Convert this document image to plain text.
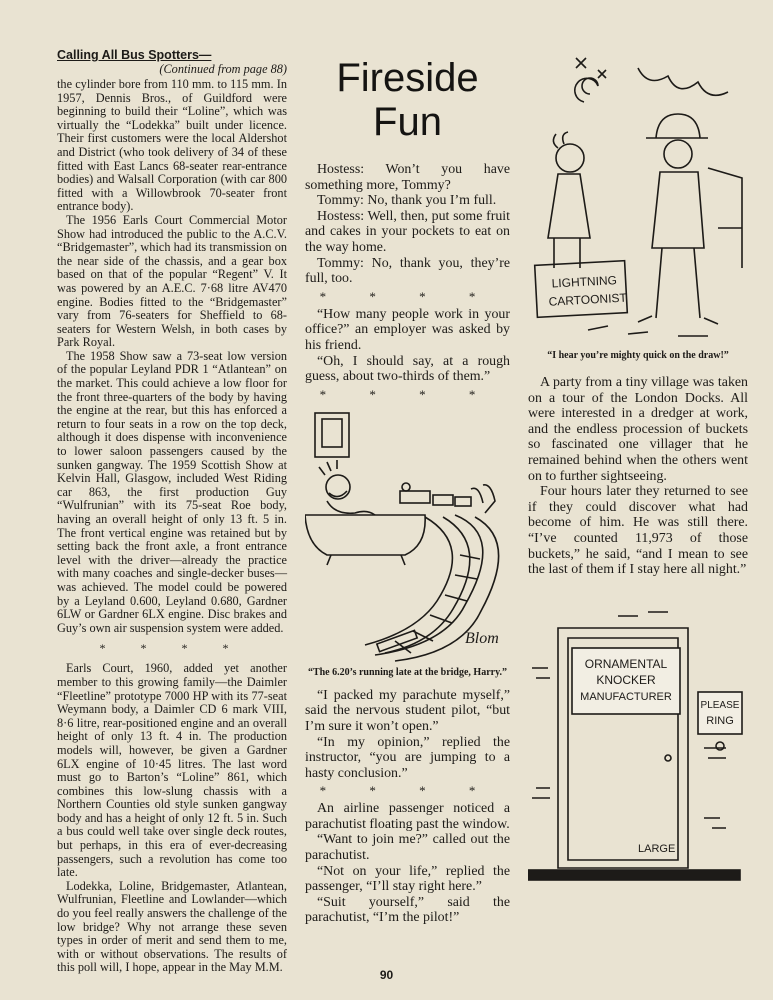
Calling All Bus Spotters—

(Continued from page 88)

the cylinder bore from 110 mm. to 115 mm. In 1957, Dennis Bros., of Guildford were beginning to build their “Loline”, which was virtually the “Lodekka” built under licence. Their first customers were the local Aldershot and District (who took delivery of 34 of these fitted with East Lancs 68-seater rear-entrance bodies) and Walsall Corporation (with car 800 fitted with a Willowbrook 70-seater front entrance body).

The 1956 Earls Court Commercial Motor Show had introduced the public to the A.C.V. “Bridgemaster”, which had its transmission on the near side of the chassis, and a gear box based on that of the popular “Regent” V. It was powered by an A.E.C. 7·68 litre AV470 engine. Bodies fitted to the “Bridgemaster” vary from 76-seaters for Sheffield to 68-seaters for Western Welsh, in both cases by Park Royal.

The 1958 Show saw a 73-seat low version of the popular Leyland PDR 1 “Atlantean” on the market. This could achieve a low floor for the front three-quarters of the body by having the engine at the rear, but this has enforced a return to four seats in a row on the top deck, although it does dispense with inconvenience to lower saloon passengers caused by the sunken gangway. The 1959 Scottish Show at Kelvin Hall, Glasgow, included West Riding car 863, the first production Guy “Wulfrunian” with its 75-seat Roe body, having an overall height of only 13 ft. 5 in. The front vertical engine was retained but by setting back the front axle, a front entrance level with the driver—already the practice with many coaches and single-decker buses—was achieved. The model could be powered by a Leyland 0.600, Leyland 0.680, Gardner 6LW or Gardner 6LX engine. Disc brakes and Guy’s own air suspension system were added.

* * * *

Earls Court, 1960, added yet another member to this growing family—the Daimler “Fleetline” prototype 7000 HP with its 77-seat Weymann body, a Daimler CD 6 mark VIII, 8·6 litre, rear-positioned engine and an overall height of only 13 ft. 4 in. The production models will, however, be given a Gardner 6LX engine of 10·45 litres. The last word must go to Barton’s “Loline” 861, which combines this low-slung chassis with a Northern Counties old style sunken gangway body and has a height of only 12 ft. 5 in. Such a bus could well take over single deck routes, but perhaps, in this era of ever-decreasing passengers, such a revolution has come too late.

Lodekka, Loline, Bridgemaster, Atlantean, Wulfrunian, Fleetline and Lowlander—which do you feel really answers the challenge of the low bridge? Why not arrange these seven types in order of merit and send them to me, with or without observations. The results of this poll will, I hope, appear in the May M.M.

Fireside
Fun

Hostess: Won’t you have something more, Tommy?

Tommy: No, thank you I’m full.

Hostess: Well, then, put some fruit and cakes in your pockets to eat on the way home.

Tommy: No, thank you, they’re full, too.

* * * *

“How many people work in your office?” an employer was asked by his friend.

“Oh, I should say, at a rough guess, about two-thirds of them.”

* * * *

Blom

“The 6.20’s running late at the bridge, Harry.”

“I packed my parachute myself,” said the nervous student pilot, “but I’m sure it won’t open.”

“In my opinion,” replied the instructor, “you are jumping to a hasty conclusion.”

* * * *

An airline passenger noticed a parachutist floating past the window.

“Want to join me?” called out the parachutist.

“Not on your life,” replied the passenger, “I’ll stay right here.”

“Suit yourself,” said the parachutist, “I’m the pilot!”

LIGHTNING
CARTOONIST

“I hear you’re mighty quick on the draw!”

A party from a tiny village was taken on a tour of the London Docks. All were interested in a dredger at work, and the endless procession of buckets so fascinated one villager that he remained behind when the others went on to further sightseeing.

Four hours later they returned to see if they could discover what had become of him. He was still there. “I’ve counted 11,973 of those buckets,” he said, “and I mean to see the last of them if I stay here all night.”

ORNAMENTAL
KNOCKER
MANUFACTURER
PLEASE
RING
LARGE
90
